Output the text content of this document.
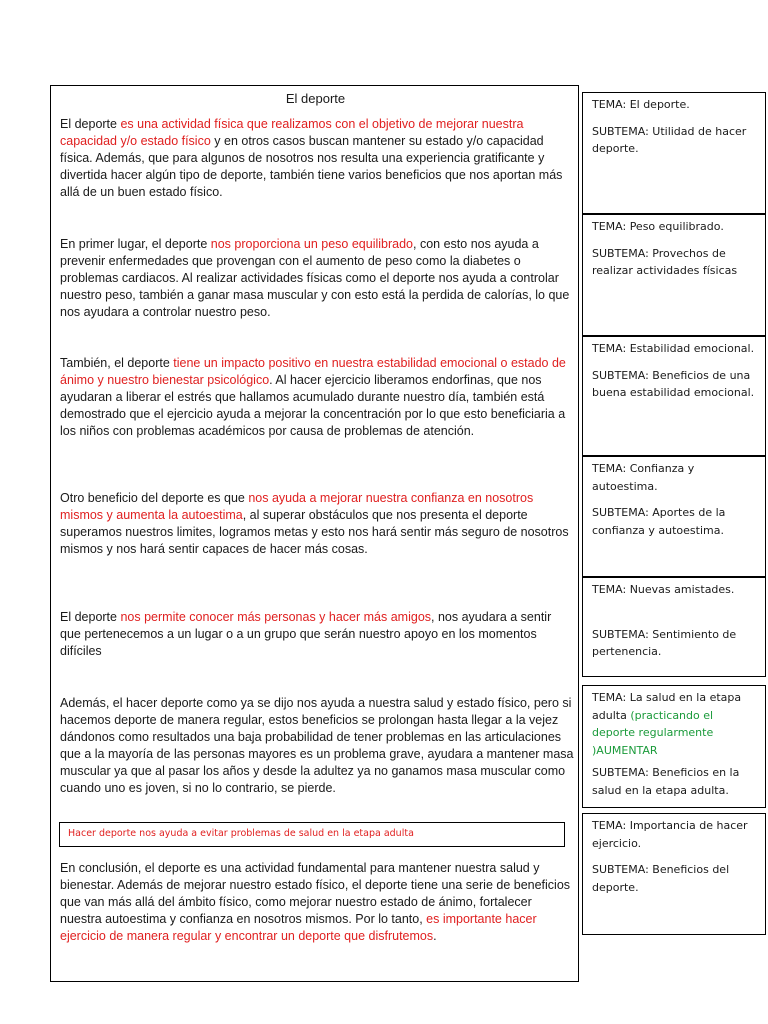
El deporte
El deporte es una actividad física que realizamos con el objetivo de mejorar nuestra capacidad y/o estado físico y en otros casos buscan mantener su estado y/o capacidad física. Además, que para algunos de nosotros nos resulta una experiencia gratificante y divertida hacer algún tipo de deporte, también tiene varios beneficios que nos aportan más allá de un buen estado físico.
En primer lugar, el deporte nos proporciona un peso equilibrado, con esto nos ayuda a prevenir enfermedades que provengan con el aumento de peso como la diabetes o problemas cardiacos. Al realizar actividades físicas como el deporte nos ayuda a controlar nuestro peso, también a ganar masa muscular y con esto está la perdida de calorías, lo que nos ayudara a controlar nuestro peso.
También, el deporte tiene un impacto positivo en nuestra estabilidad emocional o estado de ánimo y nuestro bienestar psicológico. Al hacer ejercicio liberamos endorfinas, que nos ayudaran a liberar el estrés que hallamos acumulado durante nuestro día, también está demostrado que el ejercicio ayuda a mejorar la concentración por lo que esto beneficiaria a los niños con problemas académicos por causa de problemas de atención.
Otro beneficio del deporte es que nos ayuda a mejorar nuestra confianza en nosotros mismos y aumenta la autoestima, al superar obstáculos que nos presenta el deporte superamos nuestros limites, logramos metas y esto nos hará sentir más seguro de nosotros mismos y nos hará sentir capaces de hacer más cosas.
El deporte nos permite conocer más personas y hacer más amigos, nos ayudara a sentir que pertenecemos a un lugar o a un grupo que serán nuestro apoyo en los momentos difíciles
Además, el hacer deporte como ya se dijo nos ayuda a nuestra salud y estado físico, pero si hacemos deporte de manera regular, estos beneficios se prolongan hasta llegar a la vejez dándonos como resultados una baja probabilidad de tener problemas en las articulaciones que a la mayoría de las personas mayores es un problema grave, ayudara a mantener masa muscular ya que al pasar los años y desde la adultez ya no ganamos masa muscular como cuando uno es joven, si no lo contrario, se pierde.
Hacer deporte nos ayuda a evitar problemas de salud en la etapa adulta
En conclusión, el deporte es una actividad fundamental para mantener nuestra salud y bienestar. Además de mejorar nuestro estado físico, el deporte tiene una serie de beneficios que van más allá del ámbito físico, como mejorar nuestro estado de ánimo, fortalecer nuestra autoestima y confianza en nosotros mismos. Por lo tanto, es importante hacer ejercicio de manera regular y encontrar un deporte que disfrutemos.

TEMA: El deporte.

SUBTEMA: Utilidad de hacer deporte.

TEMA: Peso equilibrado.

SUBTEMA: Provechos de realizar actividades físicas

TEMA: Estabilidad emocional.

SUBTEMA: Beneficios de una buena estabilidad emocional.

TEMA: Confianza y autoestima.

SUBTEMA: Aportes de la confianza y autoestima.

TEMA: Nuevas amistades.

SUBTEMA: Sentimiento de pertenencia.

TEMA: La salud en la etapa adulta (practicando el deporte regularmente )AUMENTAR

SUBTEMA: Beneficios en la salud en la etapa adulta.

TEMA: Importancia de hacer ejercicio.

SUBTEMA: Beneficios del deporte.
